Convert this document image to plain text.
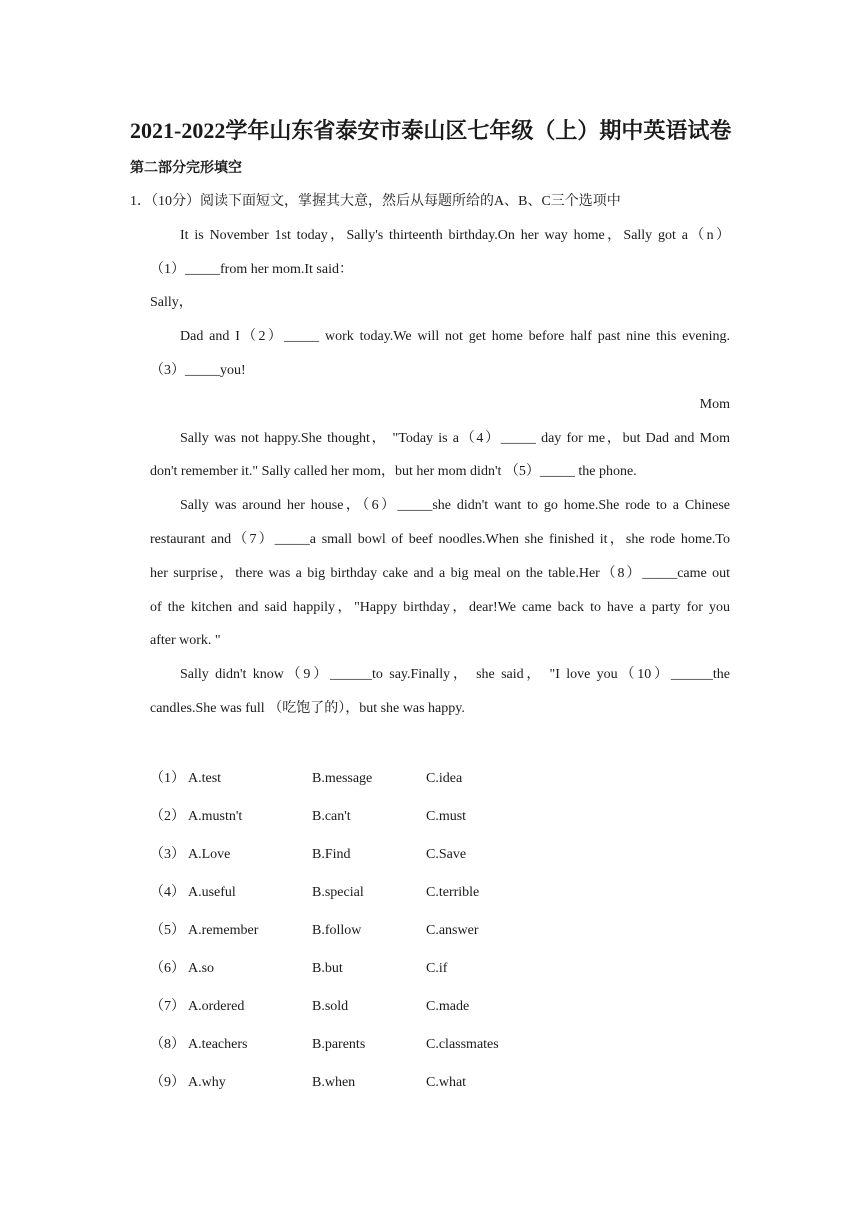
2021-2022学年山东省泰安市泰山区七年级（上）期中英语试卷
第二部分完形填空
1．（10分）阅读下面短文，掌握其大意，然后从每题所给的A、B、C三个选项中
It is November 1st today，Sally's thirteenth birthday.On her way home，Sally got a（n）
（1）_____from her mom.It said：
Sally，
Dad and I（2）_____ work today.We will not get home before half past nine this evening.
（3）_____you!
Mom
Sally was not happy.She thought， "Today is a（4）_____ day for me，but Dad and Mom
don't remember it." Sally called her mom，but her mom didn't （5）_____ the phone.
Sally was around her house，（6）_____she didn't want to go home.She rode to a Chinese
restaurant and（7）_____a small bowl of beef noodles.When she finished it，she rode home.To
her surprise，there was a big birthday cake and a big meal on the table.Her（8）_____came out
of the kitchen and said happily，"Happy birthday，dear!We came back to have a party for you
after work. "
Sally didn't know（9）______to say.Finally， she said， "I love you（10）______the
candles.She was full （吃饱了的），but she was happy.
（1） A.test	B.message	C.idea
（2） A.mustn't	B.can't	C.must
（3） A.Love	B.Find	C.Save
（4） A.useful	B.special	C.terrible
（5） A.remember	B.follow	C.answer
（6） A.so	B.but	C.if
（7） A.ordered	B.sold	C.made
（8） A.teachers	B.parents	C.classmates
（9） A.why	B.when	C.what
